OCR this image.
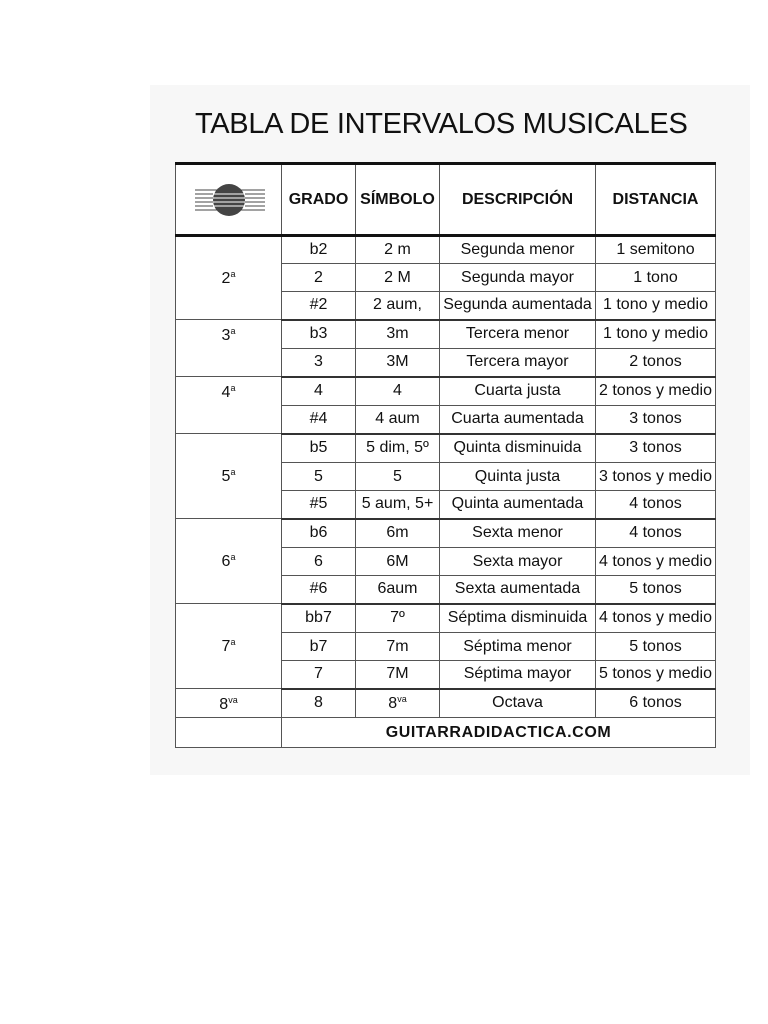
TABLA DE INTERVALOS MUSICALES
	GRADO	SÍMBOLO	DESCRIPCIÓN	DISTANCIA
2$^a$	b2	2 m	Segunda menor	1 semitono
	2	2 M	Segunda mayor	1 tono
	#2	2 aum,	Segunda aumentada	1 tono y medio
3$^a$	b3	3m	Tercera menor	1 tono y medio
	3	3M	Tercera mayor	2 tonos
4$^a$	4	4	Cuarta justa	2 tonos y medio
	#4	4 aum	Cuarta aumentada	3 tonos
5$^a$	b5	5 dim, 5º	Quinta disminuida	3 tonos
	5	5	Quinta justa	3 tonos y medio
	#5	5 aum, 5+	Quinta aumentada	4 tonos
6$^a$	b6	6m	Sexta menor	4 tonos
	6	6M	Sexta mayor	4 tonos y medio
	#6	6aum	Sexta aumentada	5 tonos
7$^a$	bb7	7º	Séptima disminuida	4 tonos y medio
	b7	7m	Séptima menor	5 tonos
	7	7M	Séptima mayor	5 tonos y medio
$8^{va}$	8	$8^{va}$	Octava	6 tonos
	GUITARRADIDACTICA.COM			
